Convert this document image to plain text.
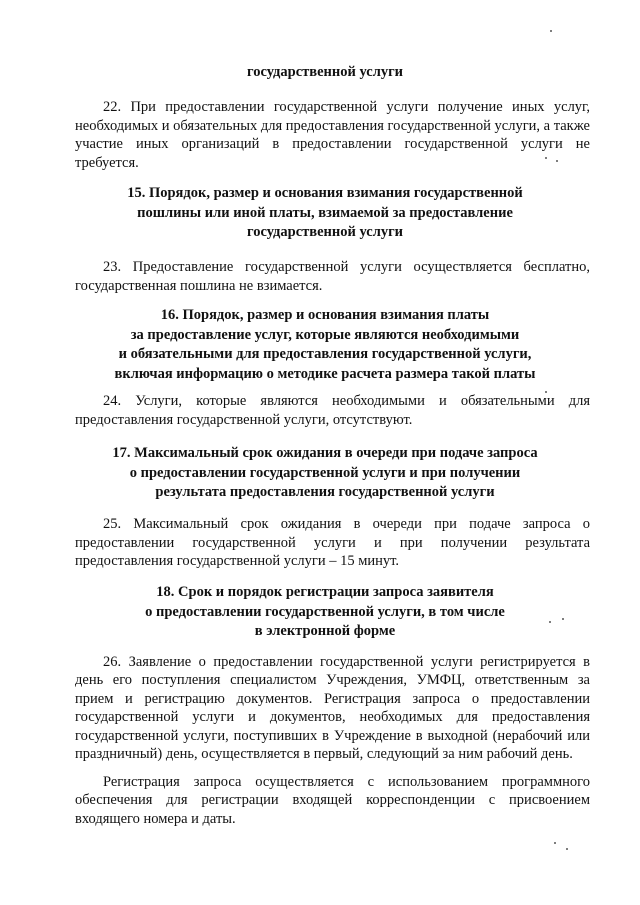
государственной услуги

22. При предоставлении государственной услуги получение иных услуг, необходимых и обязательных для предоставления государственной услуги, а также участие иных организаций в предоставлении государственной услуги не требуется.

15. Порядок, размер и основания взимания государственной
пошлины или иной платы, взимаемой за предоставление
государственной услуги

23. Предоставление государственной услуги осуществляется бесплатно, государственная пошлина не взимается.

16. Порядок, размер и основания взимания платы
за предоставление услуг, которые являются необходимыми
и обязательными для предоставления государственной услуги,
включая информацию о методике расчета размера такой платы

24. Услуги, которые являются необходимыми и обязательными для предоставления государственной услуги, отсутствуют.

17. Максимальный срок ожидания в очереди при подаче запроса
о предоставлении государственной услуги и при получении
результата предоставления государственной услуги

25. Максимальный срок ожидания в очереди при подаче запроса о предоставлении государственной услуги и при получении результата предоставления государственной услуги – 15 минут.

18. Срок и порядок регистрации запроса заявителя
о предоставлении государственной услуги, в том числе
в электронной форме

26. Заявление о предоставлении государственной услуги регистрируется в день его поступления специалистом Учреждения, УМФЦ, ответственным за прием и регистрацию документов. Регистрация запроса о предоставлении государственной услуги и документов, необходимых для предоставления государственной услуги, поступивших в Учреждение в выходной (нерабочий или праздничный) день, осуществляется в первый, следующий за ним рабочий день.

Регистрация запроса осуществляется с использованием программного обеспечения для регистрации входящей корреспонденции с присвоением входящего номера и даты.
